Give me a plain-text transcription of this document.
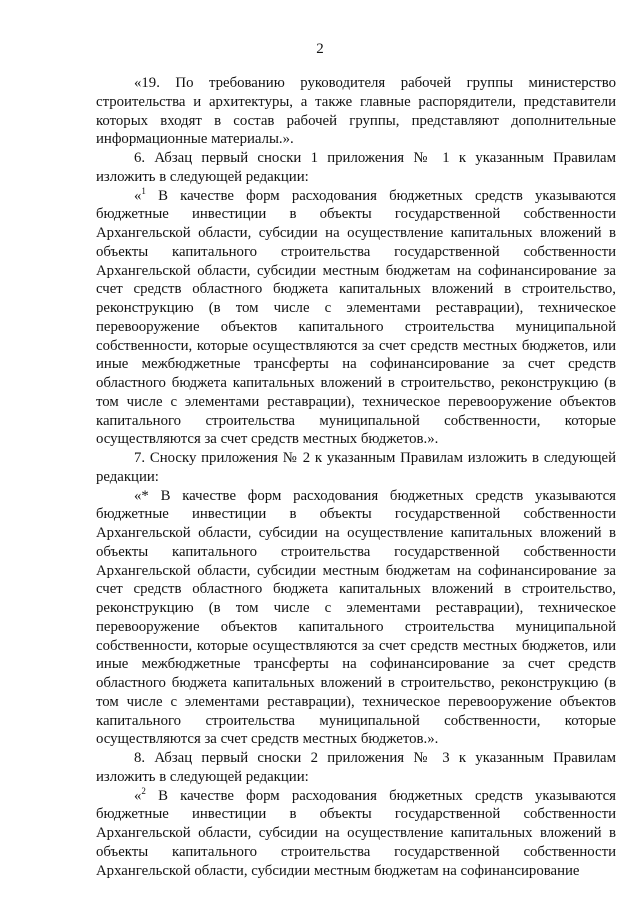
2

«19. По требованию руководителя рабочей группы министерство строительства и архитектуры, а также главные распорядители, представители которых входят в состав рабочей группы, представляют дополнительные информационные материалы.».

6. Абзац первый сноски 1 приложения № 1 к указанным Правилам изложить в следующей редакции:

«$^1$ В качестве форм расходования бюджетных средств указываются бюджетные инвестиции в объекты государственной собственности Архангельской области, субсидии на осуществление капитальных вложений в объекты капитального строительства государственной собственности Архангельской области, субсидии местным бюджетам на софинансирование за счет средств областного бюджета капитальных вложений в строительство, реконструкцию (в том числе с элементами реставрации), техническое перевооружение объектов капитального строительства муниципальной собственности, которые осуществляются за счет средств местных бюджетов, или иные межбюджетные трансферты на софинансирование за счет средств областного бюджета капитальных вложений в строительство, реконструкцию (в том числе с элементами реставрации), техническое перевооружение объектов капитального строительства муниципальной собственности, которые осуществляются за счет средств местных бюджетов.».

7. Сноску приложения № 2 к указанным Правилам изложить в следующей редакции:

«* В качестве форм расходования бюджетных средств указываются бюджетные инвестиции в объекты государственной собственности Архангельской области, субсидии на осуществление капитальных вложений в объекты капитального строительства государственной собственности Архангельской области, субсидии местным бюджетам на софинансирование за счет средств областного бюджета капитальных вложений в строительство, реконструкцию (в том числе с элементами реставрации), техническое перевооружение объектов капитального строительства муниципальной собственности, которые осуществляются за счет средств местных бюджетов, или иные межбюджетные трансферты на софинансирование за счет средств областного бюджета капитальных вложений в строительство, реконструкцию (в том числе с элементами реставрации), техническое перевооружение объектов капитального строительства муниципальной собственности, которые осуществляются за счет средств местных бюджетов.».

8. Абзац первый сноски 2 приложения № 3 к указанным Правилам изложить в следующей редакции:

«$^2$ В качестве форм расходования бюджетных средств указываются бюджетные инвестиции в объекты государственной собственности Архангельской области, субсидии на осуществление капитальных вложений в объекты капитального строительства государственной собственности Архангельской области, субсидии местным бюджетам на софинансирование
